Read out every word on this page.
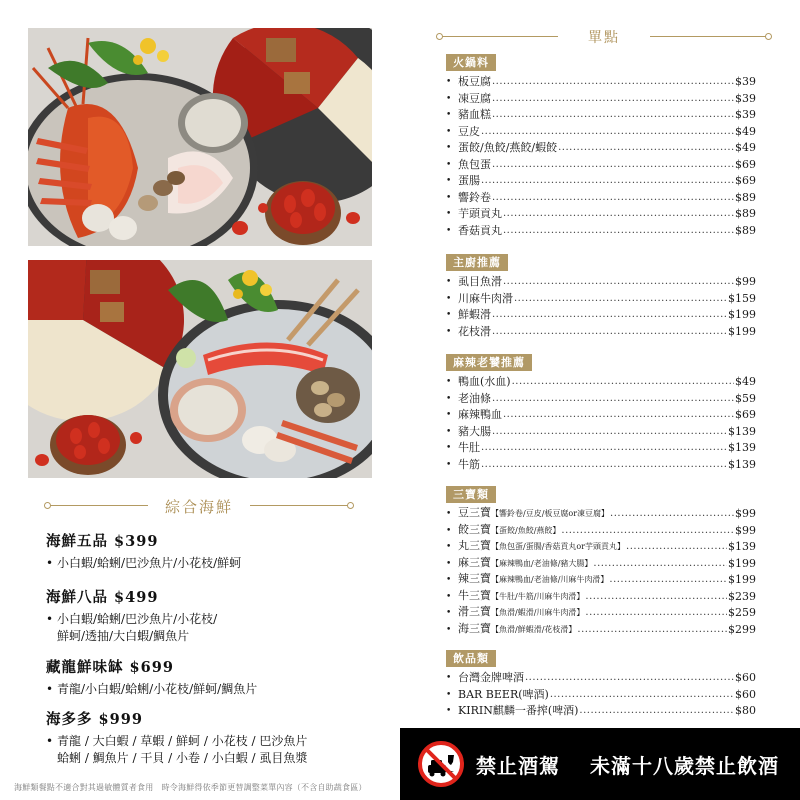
綜合海鮮
海鮮五品 $399
• 小白蝦/蛤蜊/巴沙魚片/小花枝/鮮蚵
海鮮八品 $499
• 小白蝦/蛤蜊/巴沙魚片/小花枝/
鮮蚵/透抽/大白蝦/鯛魚片
藏龍鮮味缽 $699
• 青龍/小白蝦/蛤蜊/小花枝/鮮蚵/鯛魚片
海多多 $999
• 青龍 / 大白蝦 / 草蝦 / 鮮蚵 / 小花枝 / 巴沙魚片
蛤蜊 / 鯛魚片 / 干貝 / 小卷 / 小白蝦 / 虱目魚漿
海鮮類餐點不適合對其過敏體質者食用　時令海鮮得依季節更替調整菜單內容（不含自助蔬食區）
單點
火鍋料
• 板豆腐 .....	$39
• 凍豆腐 .....	$39
• 豬血糕 .....	$39
• 豆皮 .....	$49
• 蛋餃/魚餃/燕餃/蝦餃 .....	$49
• 魚包蛋 .....	$69
• 蛋腸 .....	$69
• 響鈴卷 .....	$89
• 芋頭貢丸 .....	$89
• 香菇貢丸 .....	$89
主廚推薦
• 虱目魚滑 .....	$99
• 川麻牛肉滑 .....	$159
• 鮮蝦滑 .....	$199
• 花枝滑 .....	$199
麻辣老饕推薦
• 鴨血(水血) .....	$49
• 老油條 .....	$59
• 麻辣鴨血 .....	$69
• 豬大腸 .....	$139
• 牛肚 .....	$139
• 牛筋 .....	$139
三寶類
• 豆三寶【響鈴卷/豆皮/板豆腐or凍豆腐】 .....	$99
• 餃三寶【蛋餃/魚餃/燕餃】 .....	$99
• 丸三寶【魚包蛋/蛋腸/香菇貢丸or芋頭貢丸】 .....	$139
• 麻三寶【麻辣鴨血/老油條/豬大腸】 .....	$199
• 辣三寶【麻辣鴨血/老油條/川麻牛肉滑】 .....	$199
• 牛三寶【牛肚/牛筋/川麻牛肉滑】 .....	$239
• 滑三寶【魚滑/蝦滑/川麻牛肉滑】 .....	$259
• 海三寶【魚滑/鮮蝦滑/花枝滑】 .....	$299
飲品類
• 台灣金牌啤酒 .....	$60
• BAR BEER(啤酒) .....	$60
• KIRIN麒麟一番搾(啤酒) .....	$80
禁止酒駕 未滿十八歲禁止飲酒
